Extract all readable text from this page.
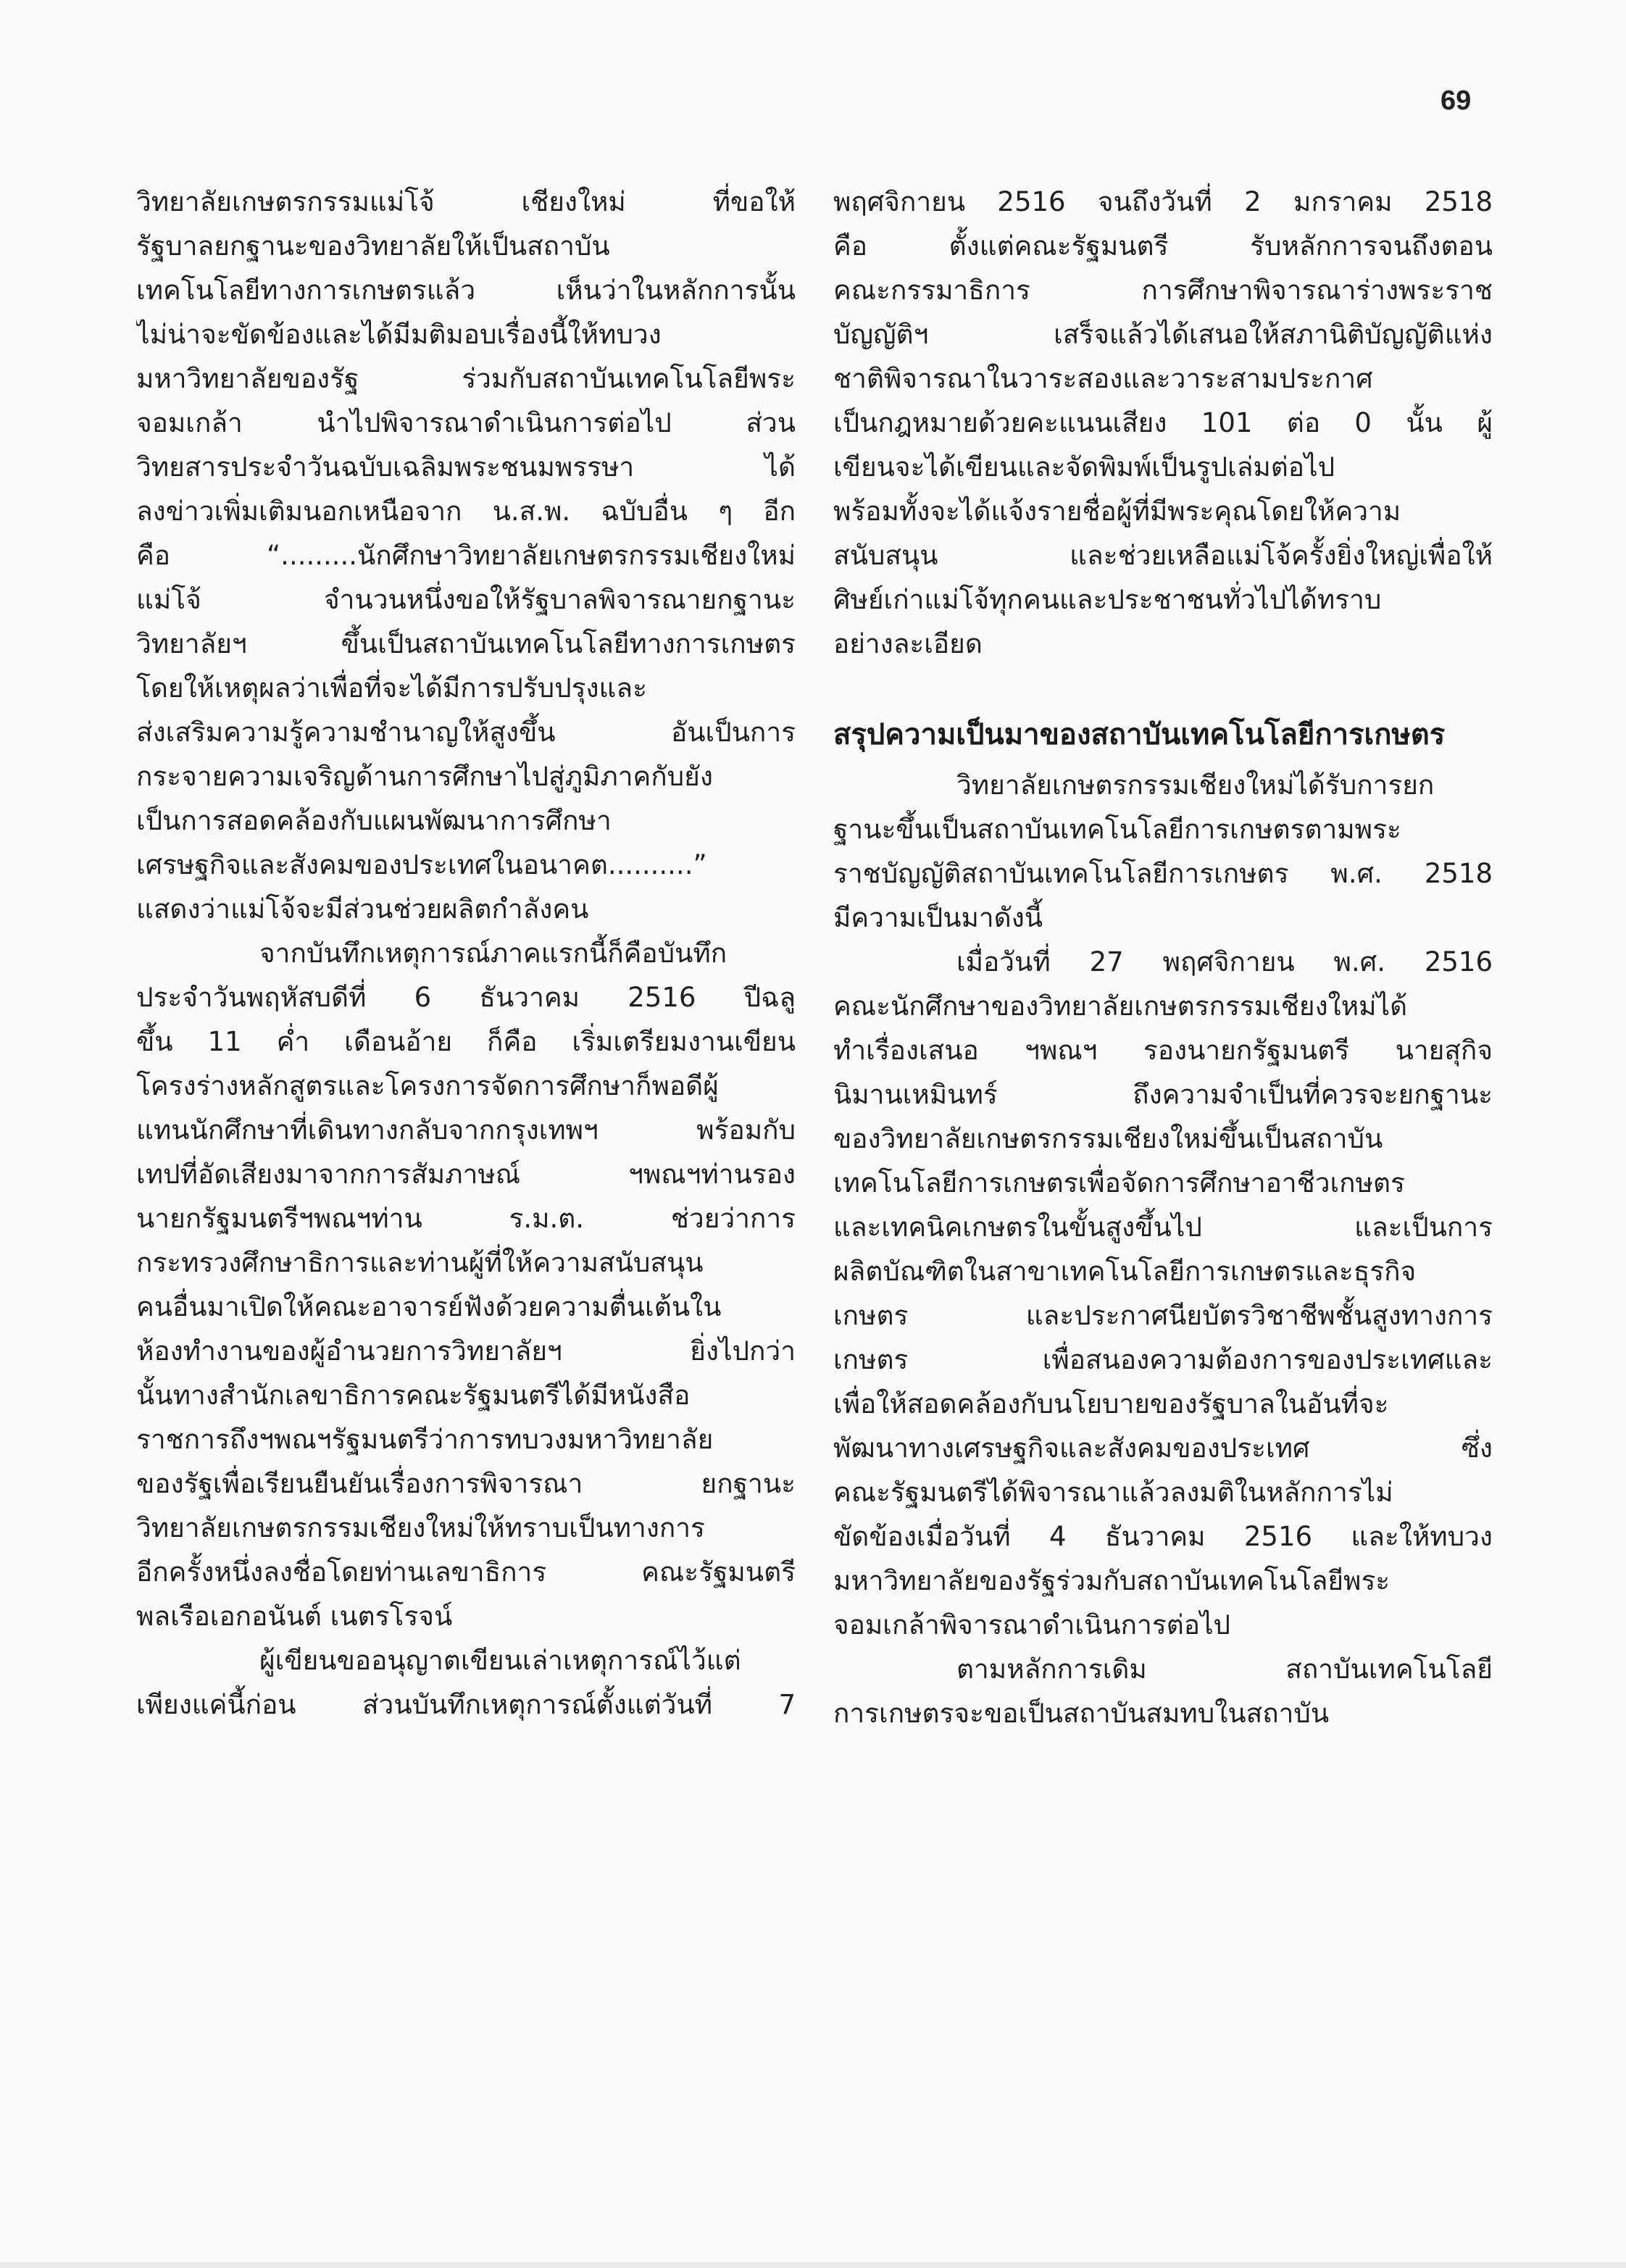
69
วิทยาลัยเกษตรกรรมแม่โจ้ เชียงใหม่ ที่ขอให้
รัฐบาลยกฐานะของวิทยาลัยให้เป็นสถาบัน
เทคโนโลยีทางการเกษตรแล้ว เห็นว่าในหลักการนั้น
ไม่น่าจะขัดข้องและได้มีมติมอบเรื่องนี้ให้ทบวง
มหาวิทยาลัยของรัฐ ร่วมกับสถาบันเทคโนโลยีพระ
จอมเกล้า นำไปพิจารณาดำเนินการต่อไป ส่วน
วิทยสารประจำวันฉบับเฉลิมพระชนมพรรษา ได้
ลงข่าวเพิ่มเติมนอกเหนือจาก น.ส.พ. ฉบับอื่น ๆ อีก
คือ “.........นักศึกษาวิทยาลัยเกษตรกรรมเชียงใหม่
แม่โจ้ จำนวนหนึ่งขอให้รัฐบาลพิจารณายกฐานะ
วิทยาลัยฯ ขึ้นเป็นสถาบันเทคโนโลยีทางการเกษตร
โดยให้เหตุผลว่าเพื่อที่จะได้มีการปรับปรุงและ
ส่งเสริมความรู้ความชำนาญให้สูงขึ้น อันเป็นการ
กระจายความเจริญด้านการศึกษาไปสู่ภูมิภาคกับยัง
เป็นการสอดคล้องกับแผนพัฒนาการศึกษา
เศรษฐกิจและสังคมของประเทศในอนาคต..........”
แสดงว่าแม่โจ้จะมีส่วนช่วยผลิตกำลังคน
จากบันทึกเหตุการณ์ภาคแรกนี้ก็คือบันทึก
ประจำวันพฤหัสบดีที่ 6 ธันวาคม 2516 ปีฉลู
ขึ้น 11 ค่ำ เดือนอ้าย ก็คือ เริ่มเตรียมงานเขียน
โครงร่างหลักสูตรและโครงการจัดการศึกษาก็พอดีผู้
แทนนักศึกษาที่เดินทางกลับจากกรุงเทพฯ พร้อมกับ
เทปที่อัดเสียงมาจากการสัมภาษณ์ ฯพณฯท่านรอง
นายกรัฐมนตรีฯพณฯท่าน ร.ม.ต. ช่วยว่าการ
กระทรวงศึกษาธิการและท่านผู้ที่ให้ความสนับสนุน
คนอื่นมาเปิดให้คณะอาจารย์ฟังด้วยความตื่นเต้นใน
ห้องทำงานของผู้อำนวยการวิทยาลัยฯ ยิ่งไปกว่า
นั้นทางสำนักเลขาธิการคณะรัฐมนตรีได้มีหนังสือ
ราชการถึงฯพณฯรัฐมนตรีว่าการทบวงมหาวิทยาลัย
ของรัฐเพื่อเรียนยืนยันเรื่องการพิจารณา ยกฐานะ
วิทยาลัยเกษตรกรรมเชียงใหม่ให้ทราบเป็นทางการ
อีกครั้งหนึ่งลงชื่อโดยท่านเลขาธิการ คณะรัฐมนตรี
พลเรือเอกอนันต์ เนตรโรจน์
ผู้เขียนขออนุญาตเขียนเล่าเหตุการณ์ไว้แต่
เพียงแค่นี้ก่อน ส่วนบันทึกเหตุการณ์ตั้งแต่วันที่ 7
พฤศจิกายน 2516 จนถึงวันที่ 2 มกราคม 2518
คือ ตั้งแต่คณะรัฐมนตรี รับหลักการจนถึงตอน
คณะกรรมาธิการ การศึกษาพิจารณาร่างพระราช
บัญญัติฯ เสร็จแล้วได้เสนอให้สภานิติบัญญัติแห่ง
ชาติพิจารณาในวาระสองและวาระสามประกาศ
เป็นกฎหมายด้วยคะแนนเสียง 101 ต่อ 0 นั้น ผู้
เขียนจะได้เขียนและจัดพิมพ์เป็นรูปเล่มต่อไป
พร้อมทั้งจะได้แจ้งรายชื่อผู้ที่มีพระคุณโดยให้ความ
สนับสนุน และช่วยเหลือแม่โจ้ครั้งยิ่งใหญ่เพื่อให้
ศิษย์เก่าแม่โจ้ทุกคนและประชาชนทั่วไปได้ทราบ
อย่างละเอียด
สรุปความเป็นมาของสถาบันเทคโนโลยีการเกษตร
วิทยาลัยเกษตรกรรมเชียงใหม่ได้รับการยก
ฐานะขึ้นเป็นสถาบันเทคโนโลยีการเกษตรตามพระ
ราชบัญญัติสถาบันเทคโนโลยีการเกษตร พ.ศ. 2518
มีความเป็นมาดังนี้
เมื่อวันที่ 27 พฤศจิกายน พ.ศ. 2516
คณะนักศึกษาของวิทยาลัยเกษตรกรรมเชียงใหม่ได้
ทำเรื่องเสนอ ฯพณฯ รองนายกรัฐมนตรี นายสุกิจ
นิมานเหมินทร์ ถึงความจำเป็นที่ควรจะยกฐานะ
ของวิทยาลัยเกษตรกรรมเชียงใหม่ขึ้นเป็นสถาบัน
เทคโนโลยีการเกษตรเพื่อจัดการศึกษาอาชีวเกษตร
และเทคนิคเกษตรในขั้นสูงขึ้นไป และเป็นการ
ผลิตบัณฑิตในสาขาเทคโนโลยีการเกษตรและธุรกิจ
เกษตร และประกาศนียบัตรวิชาชีพชั้นสูงทางการ
เกษตร เพื่อสนองความต้องการของประเทศและ
เพื่อให้สอดคล้องกับนโยบายของรัฐบาลในอันที่จะ
พัฒนาทางเศรษฐกิจและสังคมของประเทศ ซึ่ง
คณะรัฐมนตรีได้พิจารณาแล้วลงมติในหลักการไม่
ขัดข้องเมื่อวันที่ 4 ธันวาคม 2516 และให้ทบวง
มหาวิทยาลัยของรัฐร่วมกับสถาบันเทคโนโลยีพระ
จอมเกล้าพิจารณาดำเนินการต่อไป
ตามหลักการเดิม สถาบันเทคโนโลยี
การเกษตรจะขอเป็นสถาบันสมทบในสถาบัน
